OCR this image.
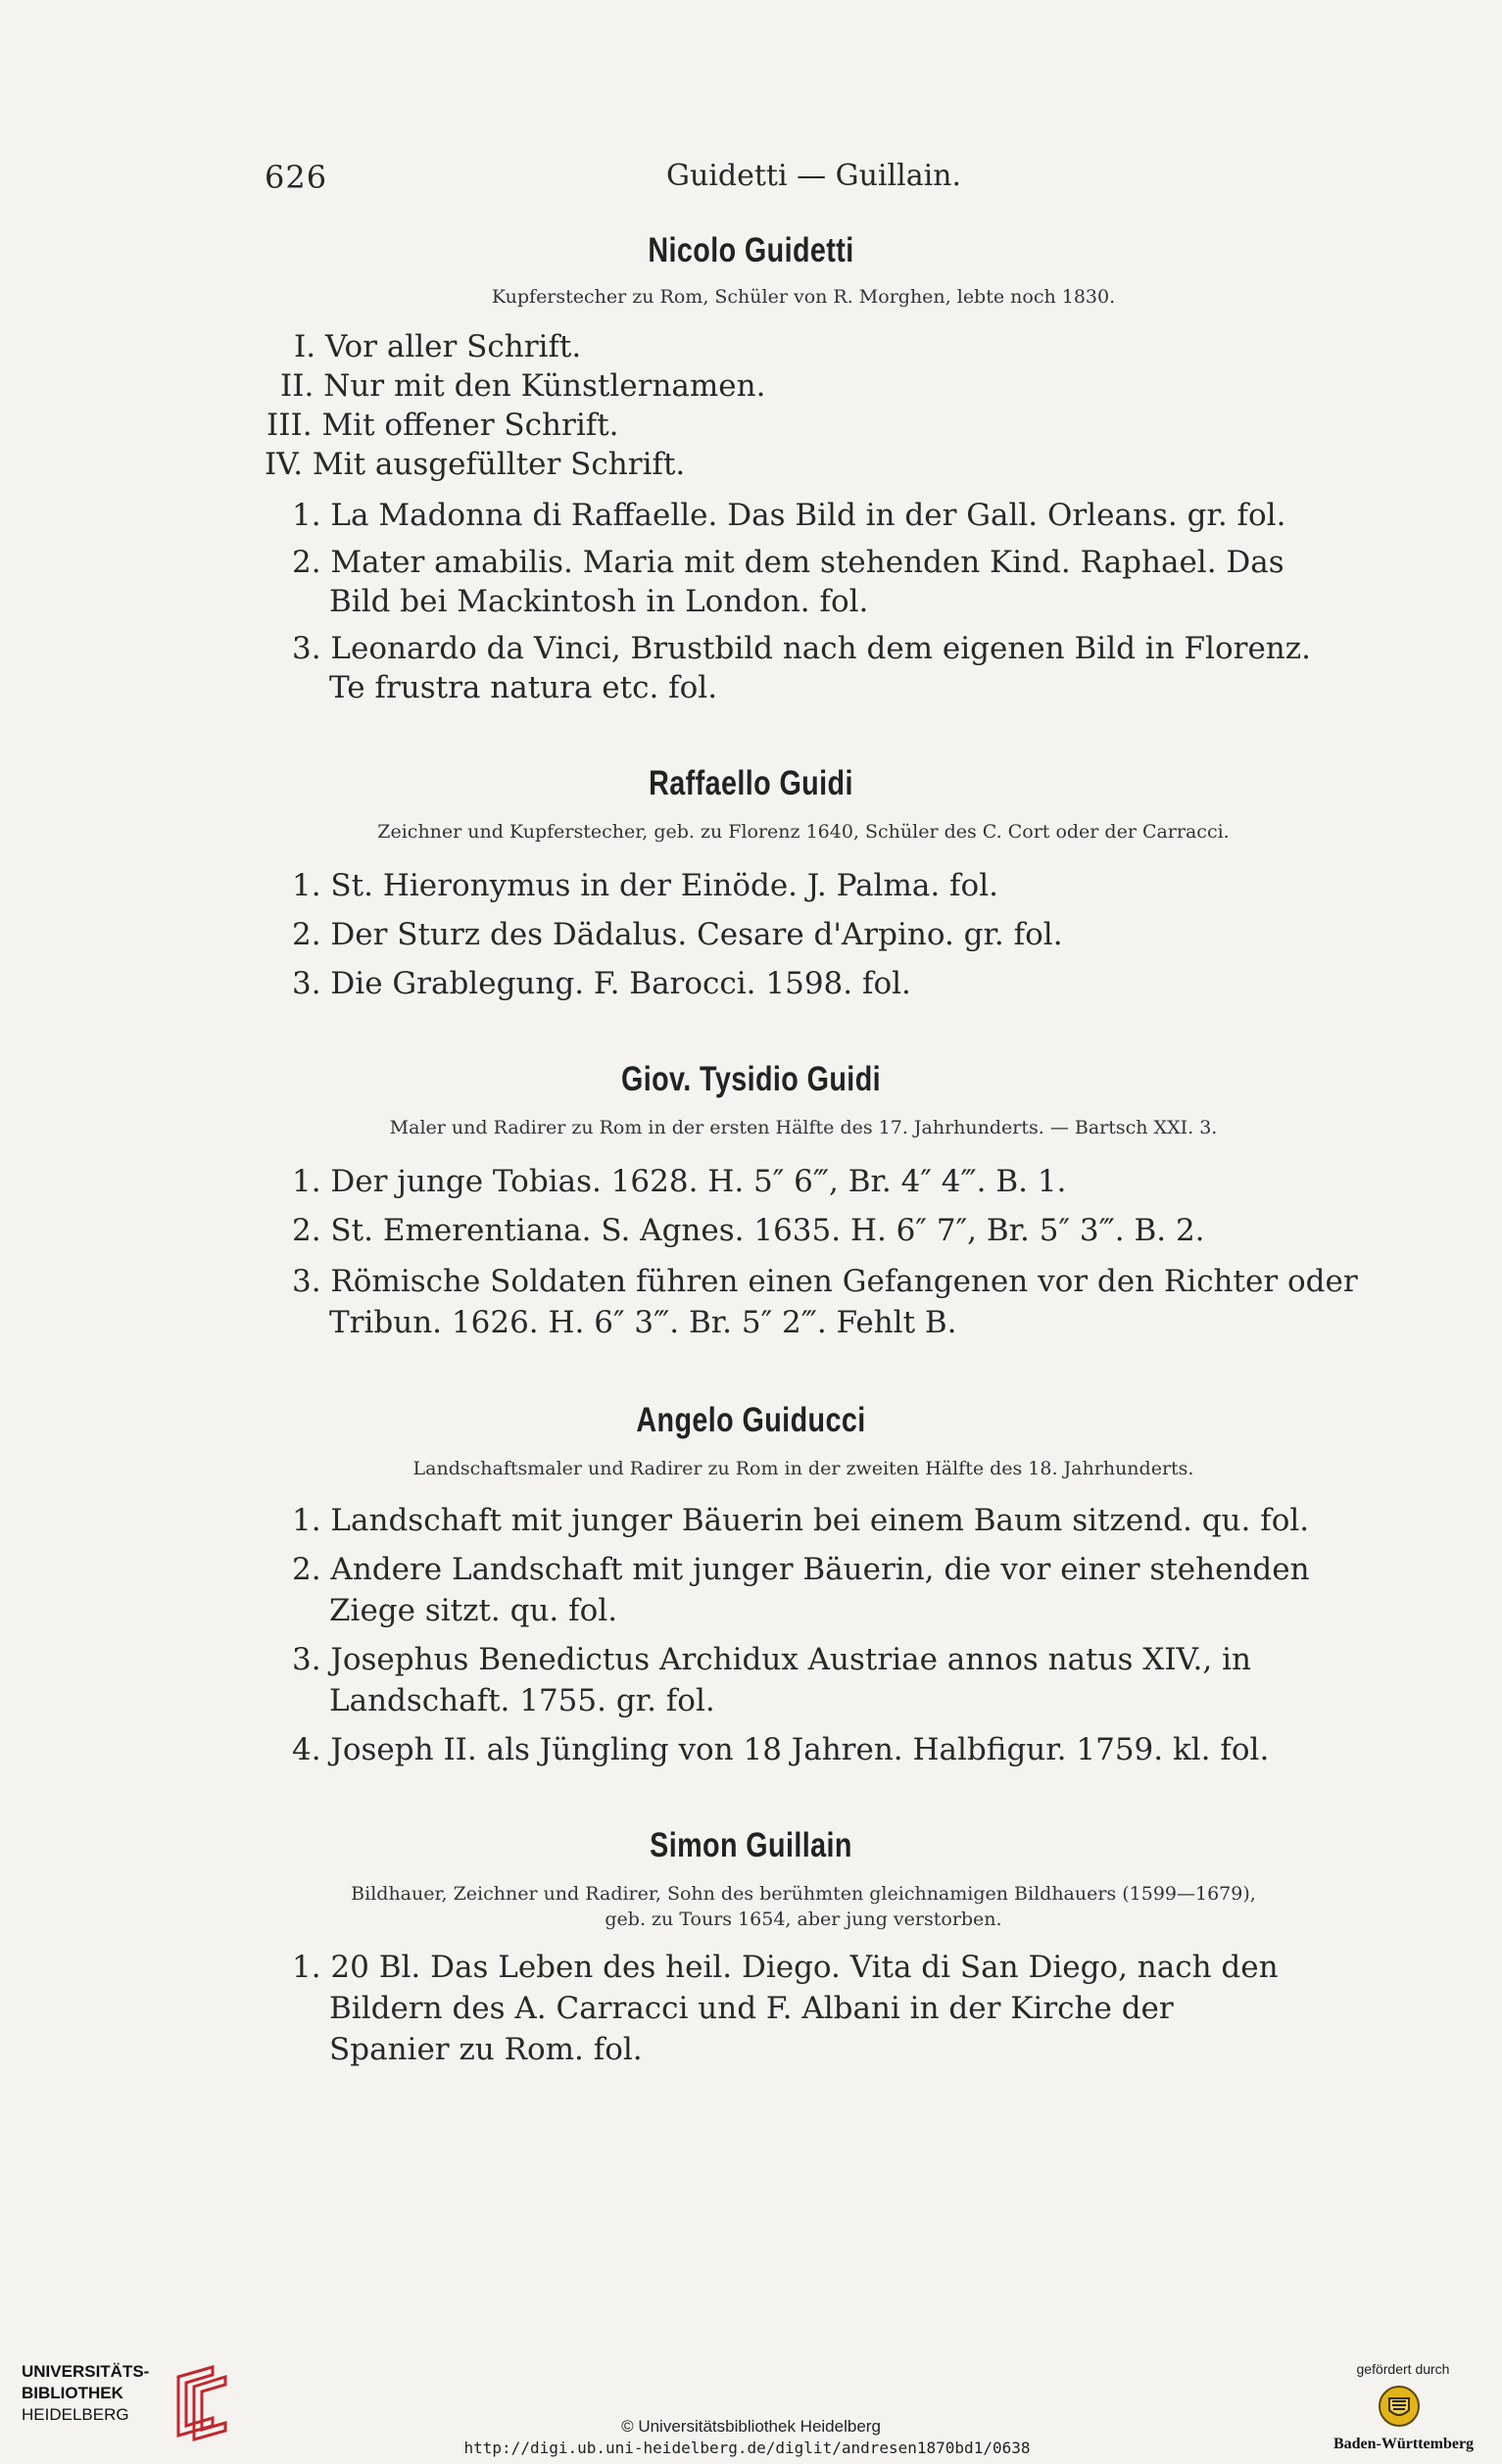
626	Guidetti — Guillain.
Nicolo Guidetti
Kupferstecher zu Rom, Schüler von R. Morghen, lebte noch 1830.
I. Vor aller Schrift.
II. Nur mit den Künstlernamen.
III. Mit offener Schrift.
IV. Mit ausgefüllter Schrift.
1. La Madonna di Raffaelle. Das Bild in der Gall. Orleans. gr. fol.
2. Mater amabilis. Maria mit dem stehenden Kind. Raphael. Das
Bild bei Mackintosh in London. fol.
3. Leonardo da Vinci, Brustbild nach dem eigenen Bild in Florenz.
Te frustra natura etc. fol.
Raffaello Guidi
Zeichner und Kupferstecher, geb. zu Florenz 1640, Schüler des C. Cort oder der Carracci.
1. St. Hieronymus in der Einöde. J. Palma. fol.
2. Der Sturz des Dädalus. Cesare d'Arpino. gr. fol.
3. Die Grablegung. F. Barocci. 1598. fol.
Giov. Tysidio Guidi
Maler und Radirer zu Rom in der ersten Hälfte des 17. Jahrhunderts. — Bartsch XXI. 3.
1. Der junge Tobias. 1628. H. 5″ 6‴, Br. 4″ 4‴. B. 1.
2. St. Emerentiana. S. Agnes. 1635. H. 6″ 7″, Br. 5″ 3‴. B. 2.
3. Römische Soldaten führen einen Gefangenen vor den Richter oder
Tribun. 1626. H. 6″ 3‴. Br. 5″ 2‴. Fehlt B.
Angelo Guiducci
Landschaftsmaler und Radirer zu Rom in der zweiten Hälfte des 18. Jahrhunderts.
1. Landschaft mit junger Bäuerin bei einem Baum sitzend. qu. fol.
2. Andere Landschaft mit junger Bäuerin, die vor einer stehenden
Ziege sitzt. qu. fol.
3. Josephus Benedictus Archidux Austriae annos natus XIV., in
Landschaft. 1755. gr. fol.
4. Joseph II. als Jüngling von 18 Jahren. Halbfigur. 1759. kl. fol.
Simon Guillain
Bildhauer, Zeichner und Radirer, Sohn des berühmten gleichnamigen Bildhauers (1599—1679),
geb. zu Tours 1654, aber jung verstorben.
1. 20 Bl. Das Leben des heil. Diego. Vita di San Diego, nach den
Bildern des A. Carracci und F. Albani in der Kirche der
Spanier zu Rom. fol.
UNIVERSITÄTS-
BIBLIOTHEK
HEIDELBERG
© Universitätsbibliothek Heidelberg
http://digi.ub.uni-heidelberg.de/diglit/andresen1870bd1/0638
gefördert durch
Baden-Württemberg
